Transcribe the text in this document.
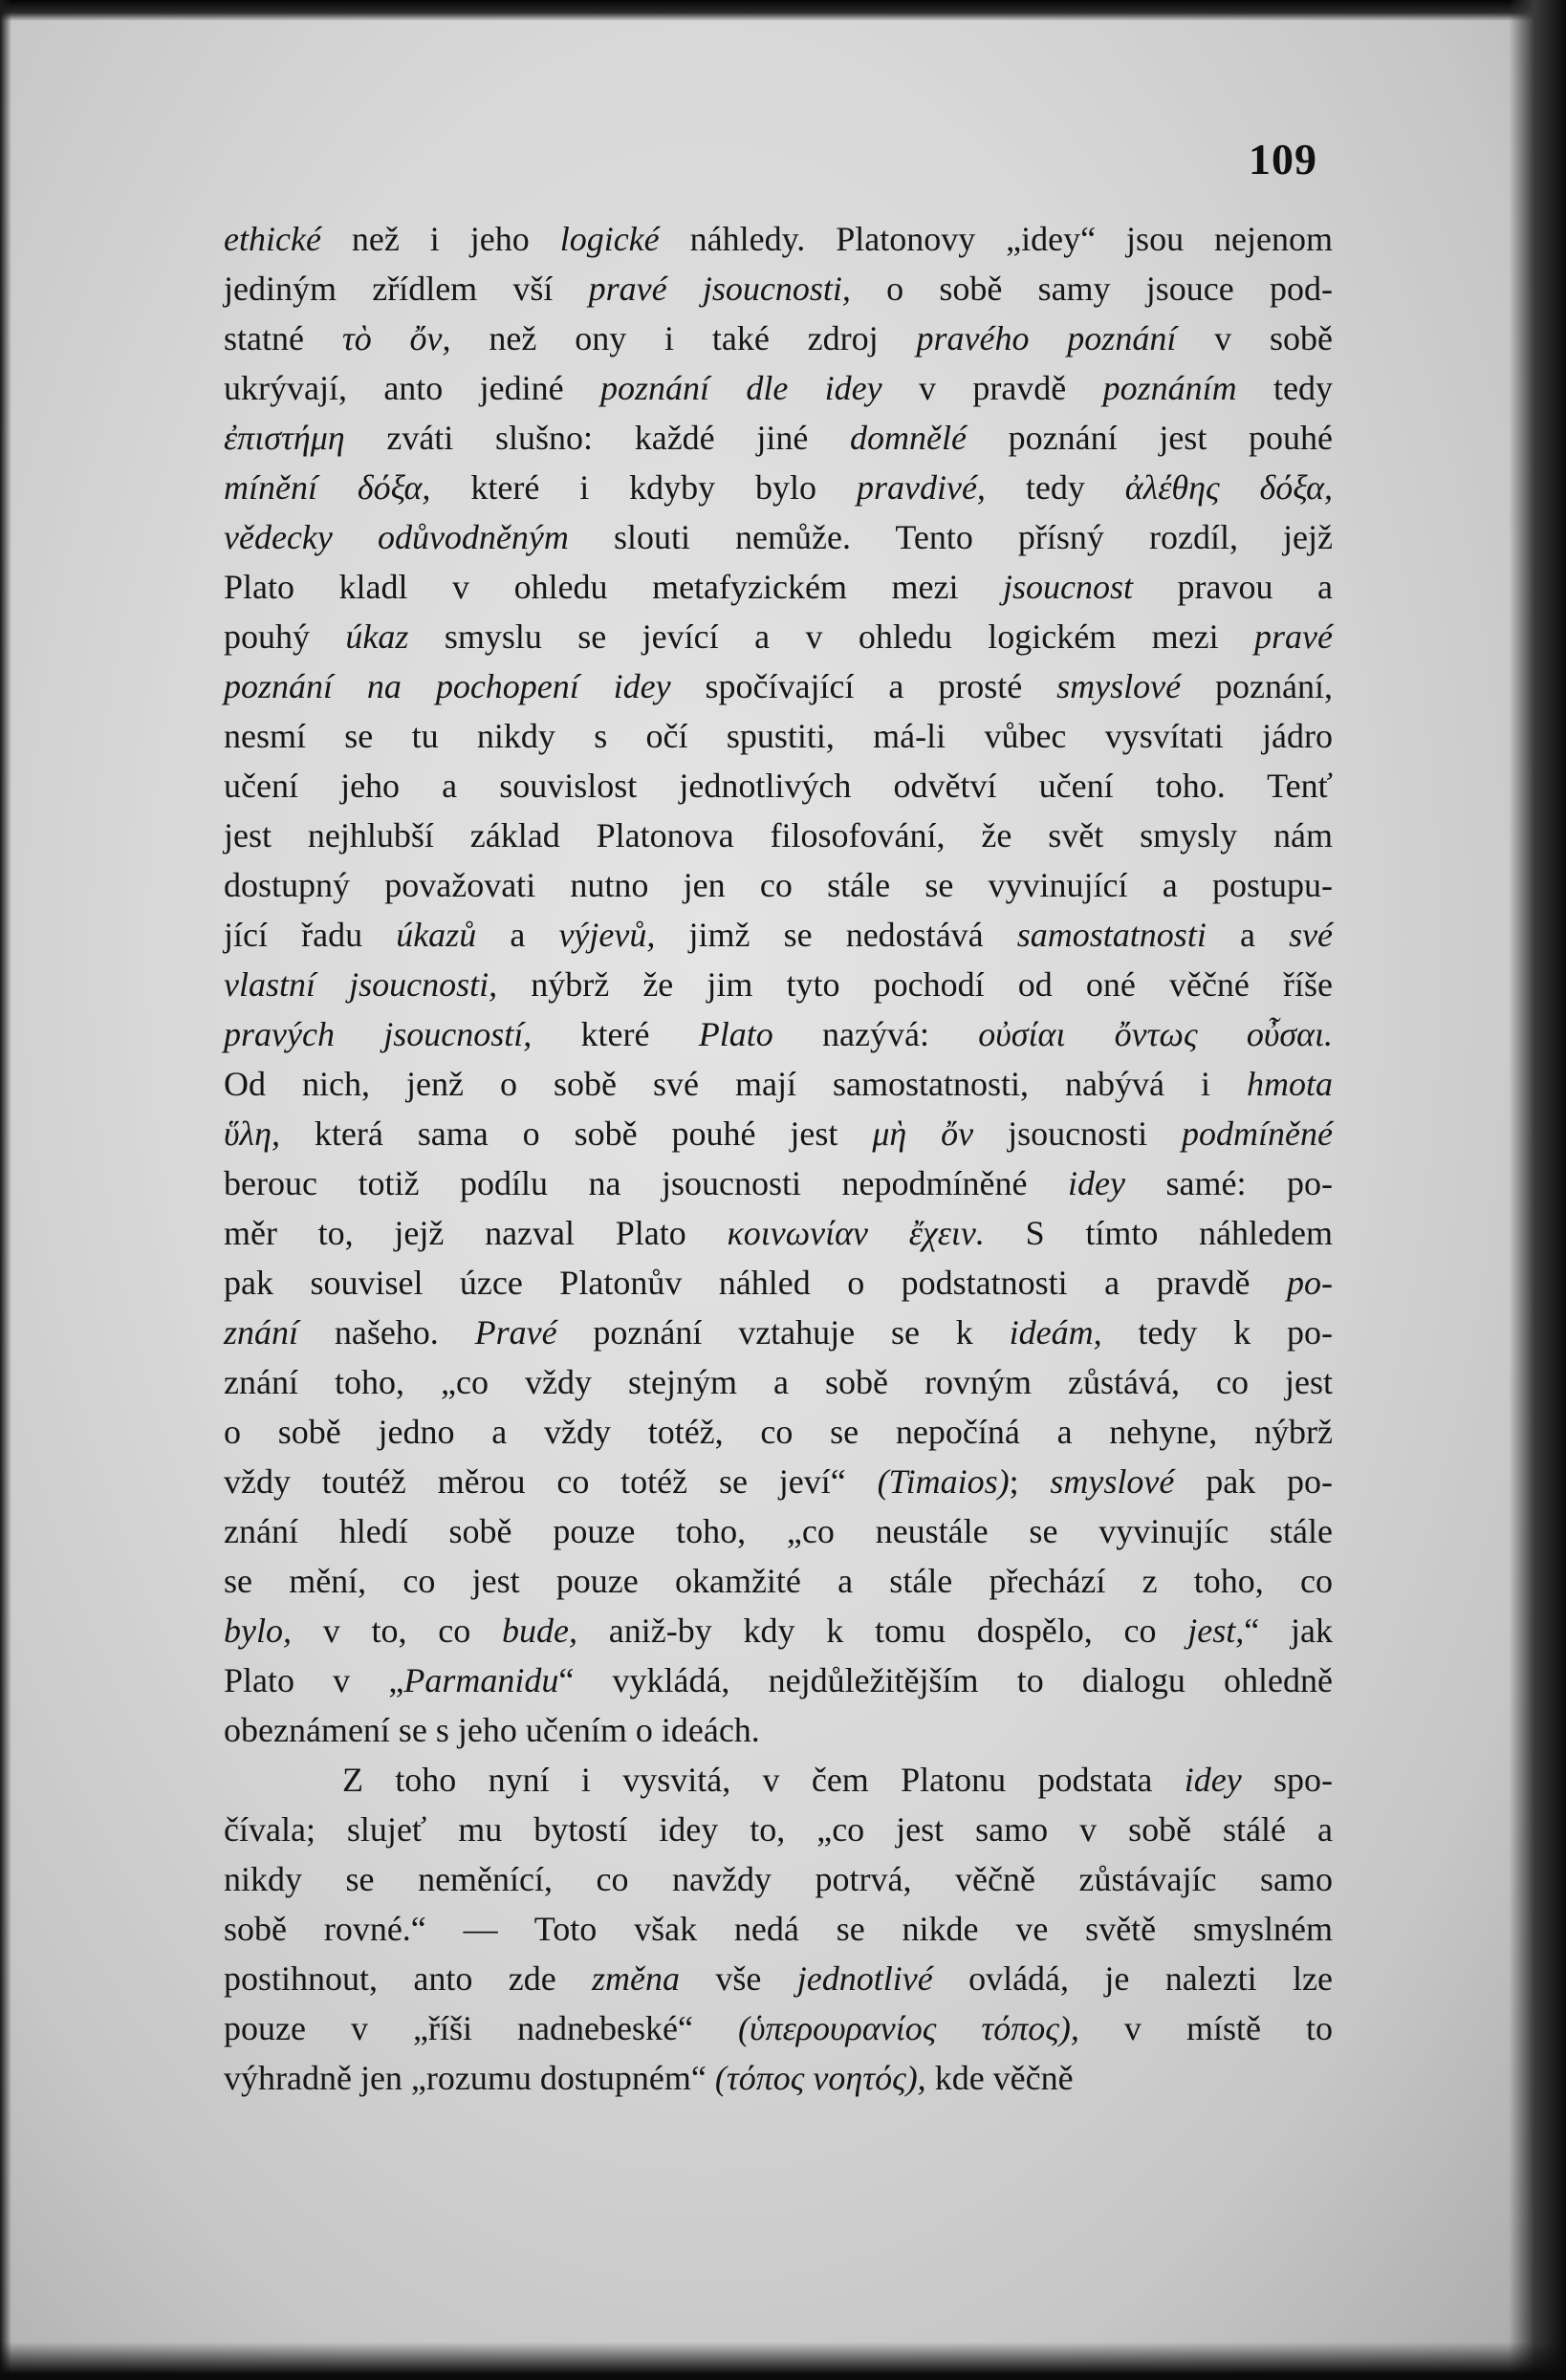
109
ethické než i jeho logické náhledy. Platonovy „idey“ jsou nejenom
jediným zřídlem vší pravé jsoucnosti, o sobě samy jsouce pod-
statné τὸ ὄν, než ony i také zdroj pravého poznání v sobě
ukrývají, anto jediné poznání dle idey v pravdě poznáním tedy
ἐπιστήμη zváti slušno: každé jiné domnělé poznání jest pouhé
mínění δόξα, které i kdyby bylo pravdivé, tedy ἀλέθης δόξα,
vědecky odůvodněným slouti nemůže. Tento přísný rozdíl, jejž
Plato kladl v ohledu metafyzickém mezi jsoucnost pravou a
pouhý úkaz smyslu se jevící a v ohledu logickém mezi pravé
poznání na pochopení idey spočívající a prosté smyslové poznání,
nesmí se tu nikdy s očí spustiti, má-li vůbec vysvítati jádro
učení jeho a souvislost jednotlivých odvětví učení toho. Tenť
jest nejhlubší základ Platonova filosofování, že svět smysly nám
dostupný považovati nutno jen co stále se vyvinující a postupu-
jící řadu úkazů a výjevů, jimž se nedostává samostatnosti a své
vlastní jsoucnosti, nýbrž že jim tyto pochodí od oné věčné říše
pravých jsoucností, které Plato nazývá: οὐσίαι ὄντως οὖσαι.
Od nich, jenž o sobě své mají samostatnosti, nabývá i hmota
ὕλη, která sama o sobě pouhé jest μὴ ὄν jsoucnosti podmíněné
berouc totiž podílu na jsoucnosti nepodmíněné idey samé: po-
měr to, jejž nazval Plato κοινωνίαν ἔχειν. S tímto náhledem
pak souvisel úzce Platonův náhled o podstatnosti a pravdě po-
znání našeho. Pravé poznání vztahuje se k ideám, tedy k po-
znání toho, „co vždy stejným a sobě rovným zůstává, co jest
o sobě jedno a vždy totéž, co se nepočíná a nehyne, nýbrž
vždy toutéž měrou co totéž se jeví“ (Timaios); smyslové pak po-
znání hledí sobě pouze toho, „co neustále se vyvinujíc stále
se mění, co jest pouze okamžité a stále přechází z toho, co
bylo, v to, co bude, aniž-by kdy k tomu dospělo, co jest,“ jak
Plato v „Parmanidu“ vykládá, nejdůležitějším to dialogu ohledně
obeznámení se s jeho učením o ideách.
Z toho nyní i vysvitá, v čem Platonu podstata idey spo-
čívala; slujeť mu bytostí idey to, „co jest samo v sobě stálé a
nikdy se neměnící, co navždy potrvá, věčně zůstávajíc samo
sobě rovné.“ — Toto však nedá se nikde ve světě smyslném
postihnout, anto zde změna vše jednotlivé ovládá, je nalezti lze
pouze v „říši nadnebeské“ (ὑπερουρανίος τόπος), v místě to
výhradně jen „rozumu dostupném“ (τόπος νοητός), kde věčně
